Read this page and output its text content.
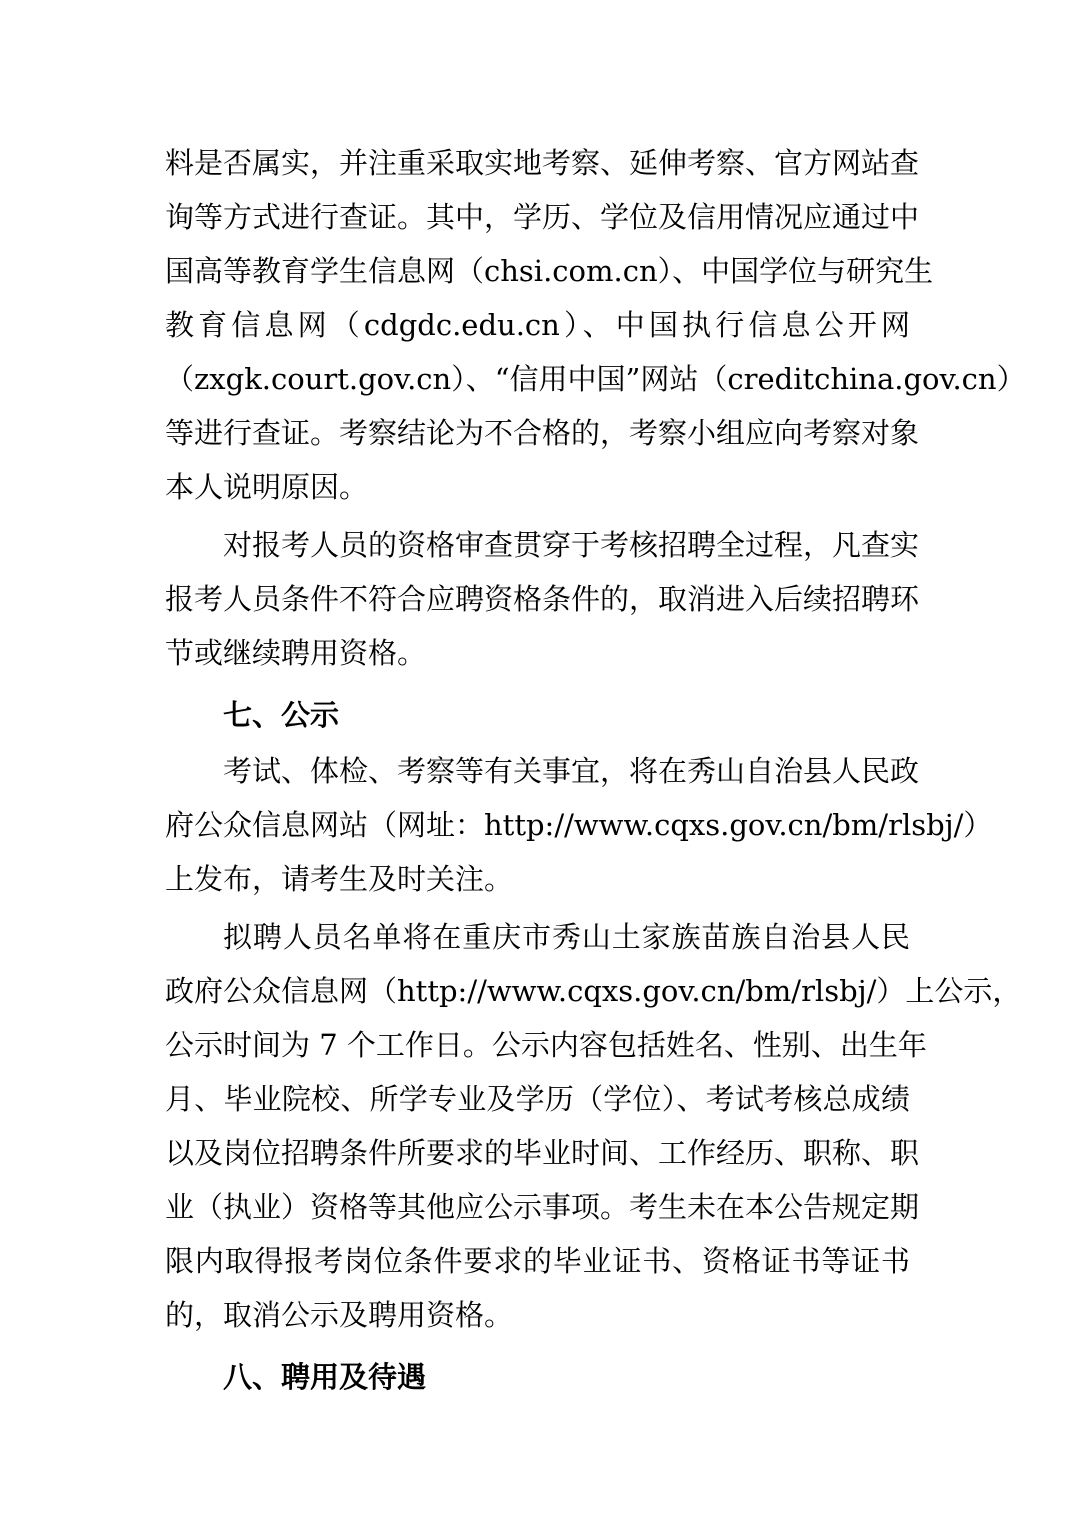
料是否属实，并注重采取实地考察、延伸考察、官方网站查
询等方式进行查证。其中，学历、学位及信用情况应通过中
国高等教育学生信息网（chsi.com.cn）、中国学位与研究生
教育信息网（cdgdc.edu.cn）、中国执行信息公开网
（zxgk.court.gov.cn）、“信用中国”网站（creditchina.gov.cn）
等进行查证。考察结论为不合格的，考察小组应向考察对象
本人说明原因。
对报考人员的资格审查贯穿于考核招聘全过程，凡查实
报考人员条件不符合应聘资格条件的，取消进入后续招聘环
节或继续聘用资格。
七、公示
考试、体检、考察等有关事宜，将在秀山自治县人民政
府公众信息网站（网址：http://www.cqxs.gov.cn/bm/rlsbj/）
上发布，请考生及时关注。
拟聘人员名单将在重庆市秀山土家族苗族自治县人民
政府公众信息网（http://www.cqxs.gov.cn/bm/rlsbj/）上公示，
公示时间为 7 个工作日。公示内容包括姓名、性别、出生年
月、毕业院校、所学专业及学历（学位）、考试考核总成绩
以及岗位招聘条件所要求的毕业时间、工作经历、职称、职
业（执业）资格等其他应公示事项。考生未在本公告规定期
限内取得报考岗位条件要求的毕业证书、资格证书等证书
的，取消公示及聘用资格。
八、聘用及待遇
